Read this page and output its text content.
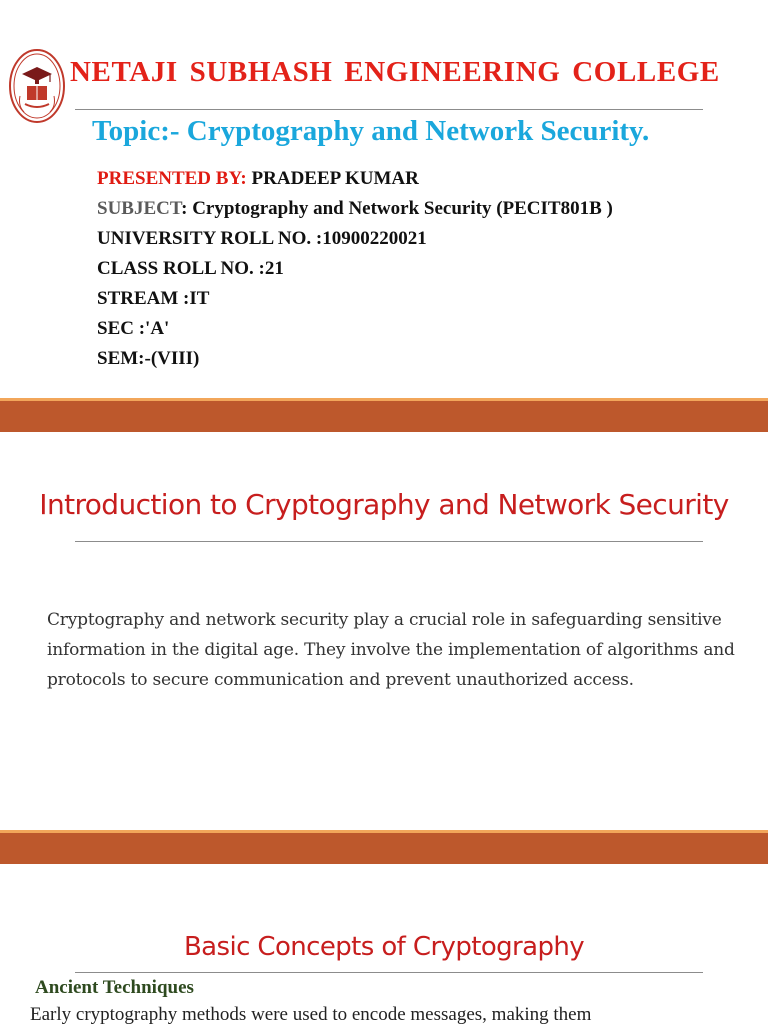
NETAJI SUBHASH ENGINEERING COLLEGE
Topic:- Cryptography and Network Security.
PRESENTED BY: PRADEEP KUMAR
SUBJECT: Cryptography and Network Security (PECIT801B )
UNIVERSITY ROLL NO. :10900220021
CLASS ROLL NO. :21
STREAM :IT
SEC :'A'
SEM:-(VIII)
Introduction to Cryptography and Network Security
Cryptography and network security play a crucial role in safeguarding sensitive information in the digital age. They involve the implementation of algorithms and protocols to secure communication and prevent unauthorized access.
Basic Concepts of Cryptography
Ancient Techniques
Early cryptography methods were used to encode messages, making them
